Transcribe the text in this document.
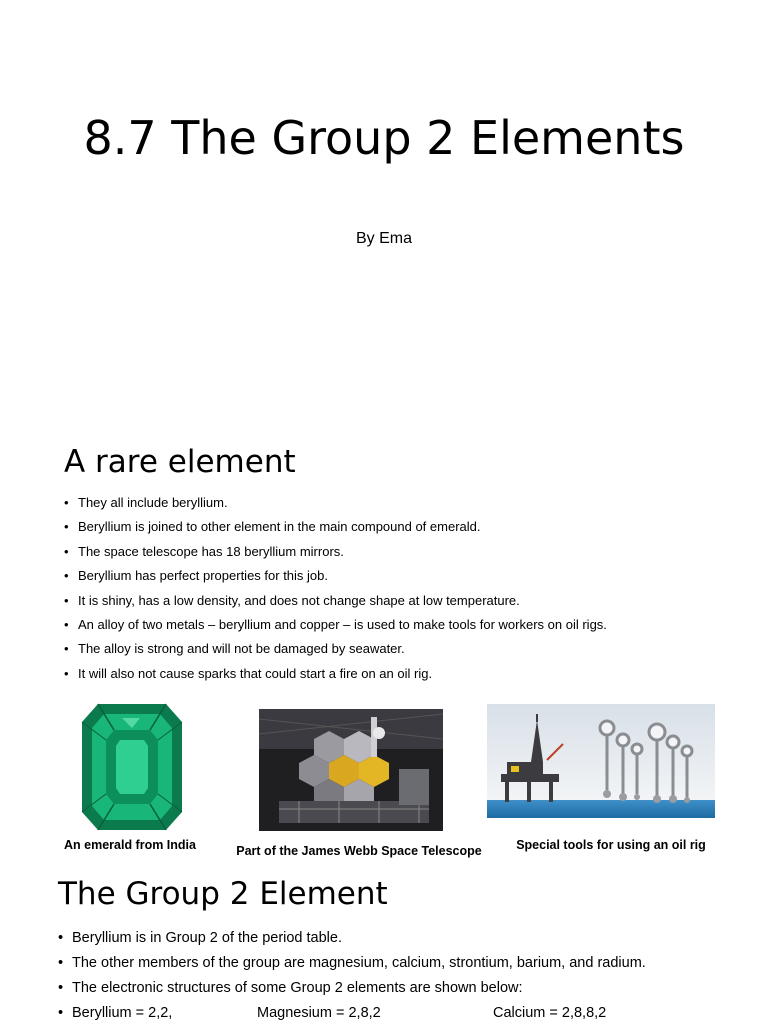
8.7 The Group 2 Elements
By Ema
A rare element
• They all include beryllium.
• Beryllium is joined to other element in the main compound of emerald.
• The space telescope has 18 beryllium mirrors.
• Beryllium has perfect properties for this job.
• It is shiny, has a low density, and does not change shape at low temperature.
• An alloy of two metals – beryllium and copper – is used to make tools for workers on oil rigs.
• The alloy is strong and will not be damaged by seawater.
• It will also not cause sparks that could start a fire on an oil rig.
An emerald from India	Part of the James Webb Space Telescope	Special tools for using an oil rig
The Group 2 Element
• Beryllium is in Group 2 of the period table.
• The other members of the group are magnesium, calcium, strontium, barium, and radium.
• The electronic structures of some Group 2 elements are shown below:
• Beryllium = 2,2,	Magnesium = 2,8,2	Calcium = 2,8,8,2
